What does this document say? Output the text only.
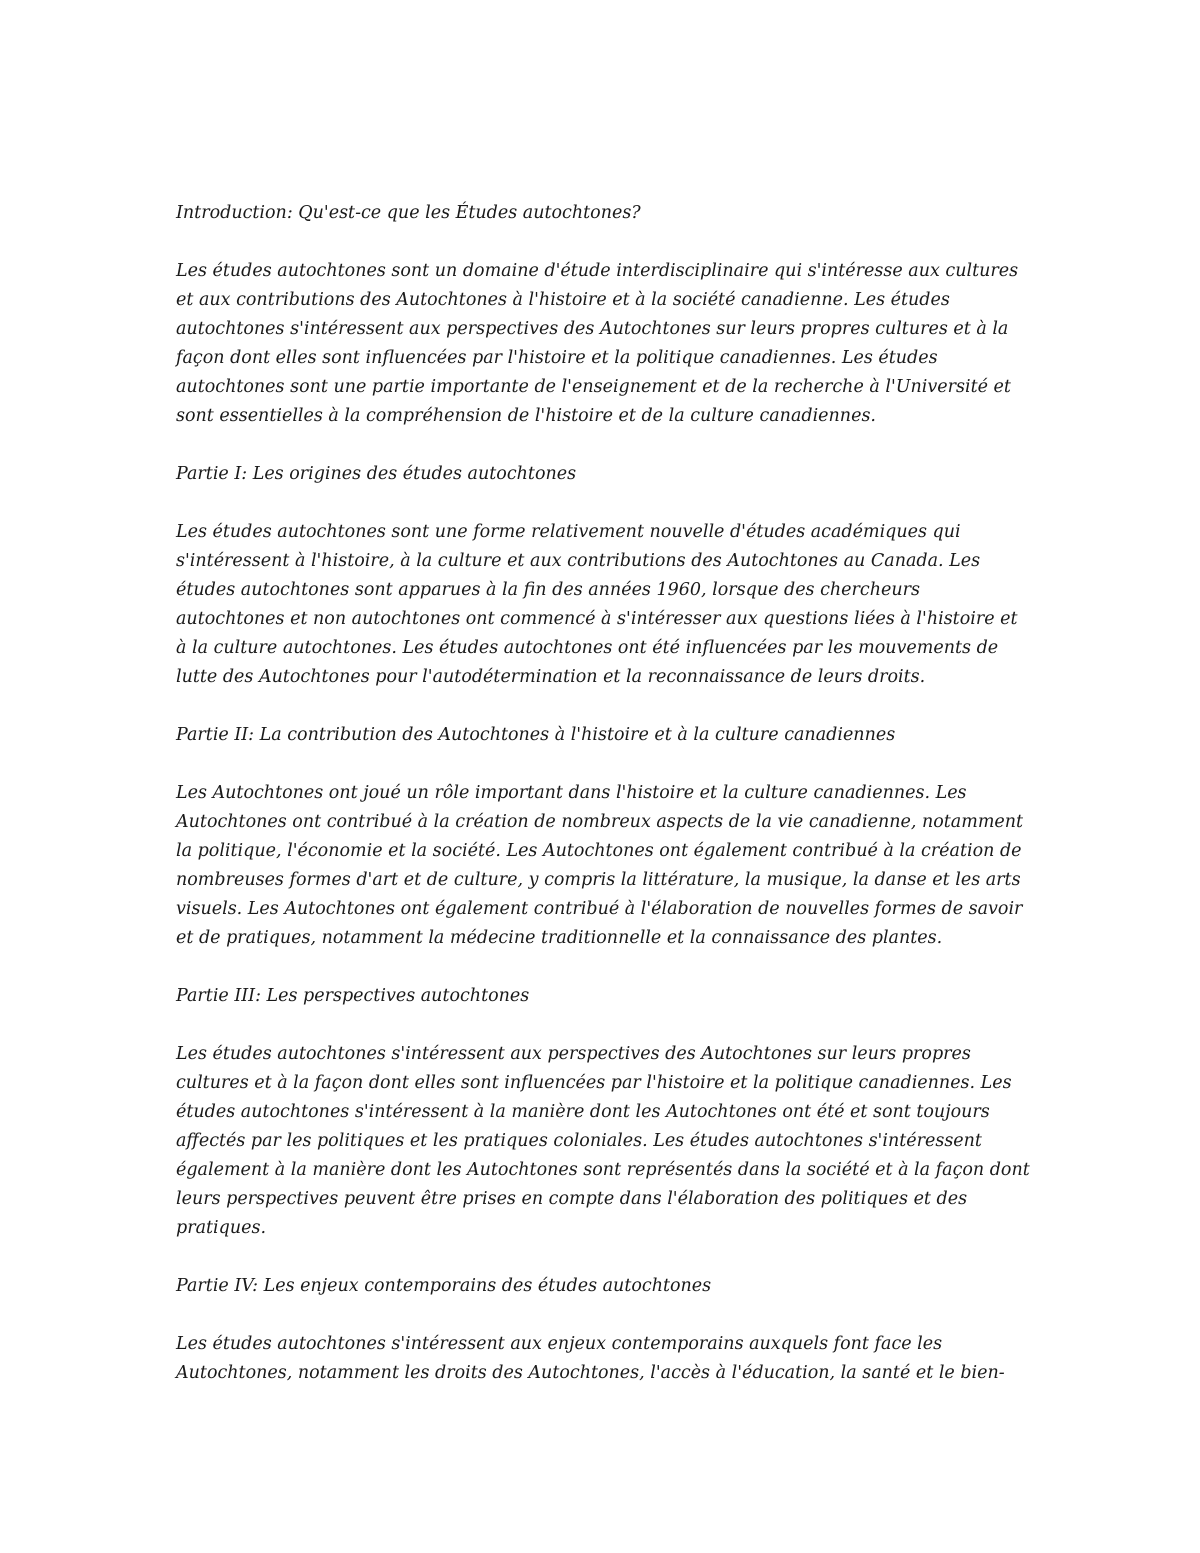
Introduction: Qu'est-ce que les Études autochtones?
Les études autochtones sont un domaine d'étude interdisciplinaire qui s'intéresse aux cultures
et aux contributions des Autochtones à l'histoire et à la société canadienne. Les études
autochtones s'intéressent aux perspectives des Autochtones sur leurs propres cultures et à la
façon dont elles sont influencées par l'histoire et la politique canadiennes. Les études
autochtones sont une partie importante de l'enseignement et de la recherche à l'Université et
sont essentielles à la compréhension de l'histoire et de la culture canadiennes.
Partie I: Les origines des études autochtones
Les études autochtones sont une forme relativement nouvelle d'études académiques qui
s'intéressent à l'histoire, à la culture et aux contributions des Autochtones au Canada. Les
études autochtones sont apparues à la fin des années 1960, lorsque des chercheurs
autochtones et non autochtones ont commencé à s'intéresser aux questions liées à l'histoire et
à la culture autochtones. Les études autochtones ont été influencées par les mouvements de
lutte des Autochtones pour l'autodétermination et la reconnaissance de leurs droits.
Partie II: La contribution des Autochtones à l'histoire et à la culture canadiennes
Les Autochtones ont joué un rôle important dans l'histoire et la culture canadiennes. Les
Autochtones ont contribué à la création de nombreux aspects de la vie canadienne, notamment
la politique, l'économie et la société. Les Autochtones ont également contribué à la création de
nombreuses formes d'art et de culture, y compris la littérature, la musique, la danse et les arts
visuels. Les Autochtones ont également contribué à l'élaboration de nouvelles formes de savoir
et de pratiques, notamment la médecine traditionnelle et la connaissance des plantes.
Partie III: Les perspectives autochtones
Les études autochtones s'intéressent aux perspectives des Autochtones sur leurs propres
cultures et à la façon dont elles sont influencées par l'histoire et la politique canadiennes. Les
études autochtones s'intéressent à la manière dont les Autochtones ont été et sont toujours
affectés par les politiques et les pratiques coloniales. Les études autochtones s'intéressent
également à la manière dont les Autochtones sont représentés dans la société et à la façon dont
leurs perspectives peuvent être prises en compte dans l'élaboration des politiques et des
pratiques.
Partie IV: Les enjeux contemporains des études autochtones
Les études autochtones s'intéressent aux enjeux contemporains auxquels font face les
Autochtones, notamment les droits des Autochtones, l'accès à l'éducation, la santé et le bien-
